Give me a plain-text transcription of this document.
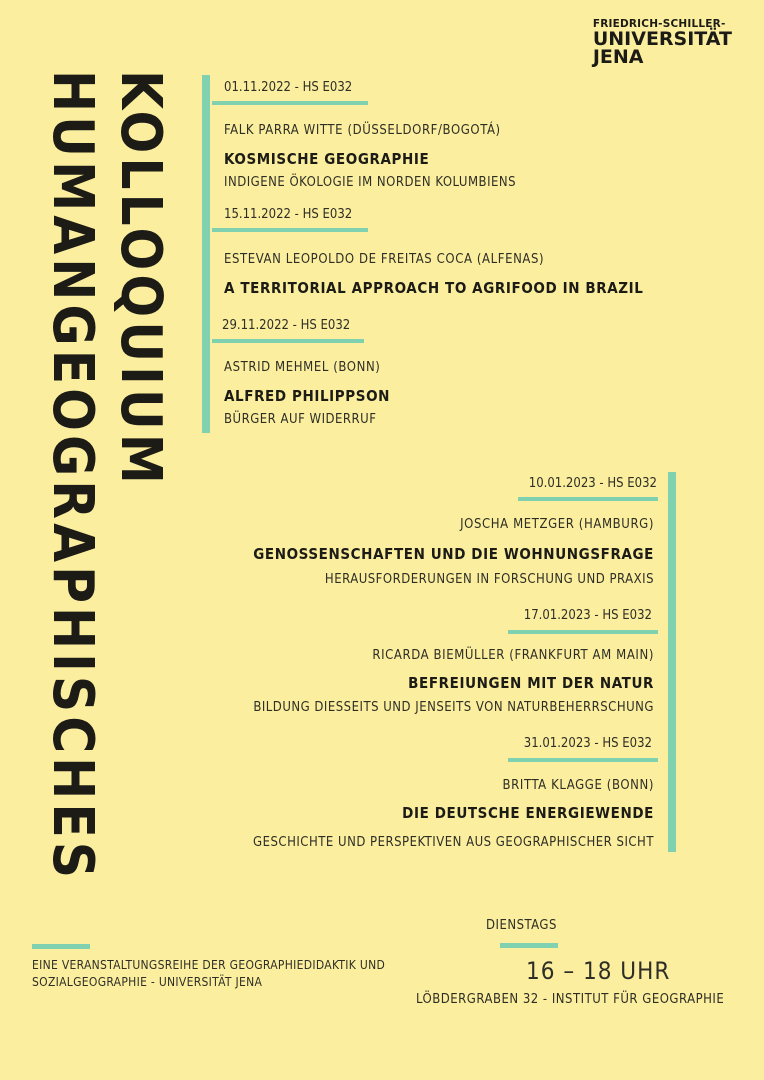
FRIEDRICH-SCHILLER-
UNIVERSITÄT
JENA
HUMANGEOGRAPHISCHES KOLLOQUIUM	01.11.2022 - HS E032
FALK PARRA WITTE (DÜSSELDORF/BOGOTÁ)
KOSMISCHE GEOGRAPHIE
INDIGENE ÖKOLOGIE IM NORDEN KOLUMBIENS
15.11.2022 - HS E032
ESTEVAN LEOPOLDO DE FREITAS COCA (ALFENAS)
A TERRITORIAL APPROACH TO AGRIFOOD IN BRAZIL
29.11.2022 - HS E032
ASTRID MEHMEL (BONN)
ALFRED PHILIPPSON
BÜRGER AUF WIDERRUF
10.01.2023 - HS E032
JOSCHA METZGER (HAMBURG)
GENOSSENSCHAFTEN UND DIE WOHNUNGSFRAGE
HERAUSFORDERUNGEN IN FORSCHUNG UND PRAXIS
17.01.2023 - HS E032
RICARDA BIEMÜLLER (FRANKFURT AM MAIN)
BEFREIUNGEN MIT DER NATUR
BILDUNG DIESSEITS UND JENSEITS VON NATURBEHERRSCHUNG
31.01.2023 - HS E032
BRITTA KLAGGE (BONN)
DIE DEUTSCHE ENERGIEWENDE
GESCHICHTE UND PERSPEKTIVEN AUS GEOGRAPHISCHER SICHT
EINE VERANSTALTUNGSREIHE DER GEOGRAPHIEDIDAKTIK UND SOZIALGEOGRAPHIE - UNIVERSITÄT JENA
DIENSTAGS
16 – 18 UHR
LÖBDERGRABEN 32 - INSTITUT FÜR GEOGRAPHIE
